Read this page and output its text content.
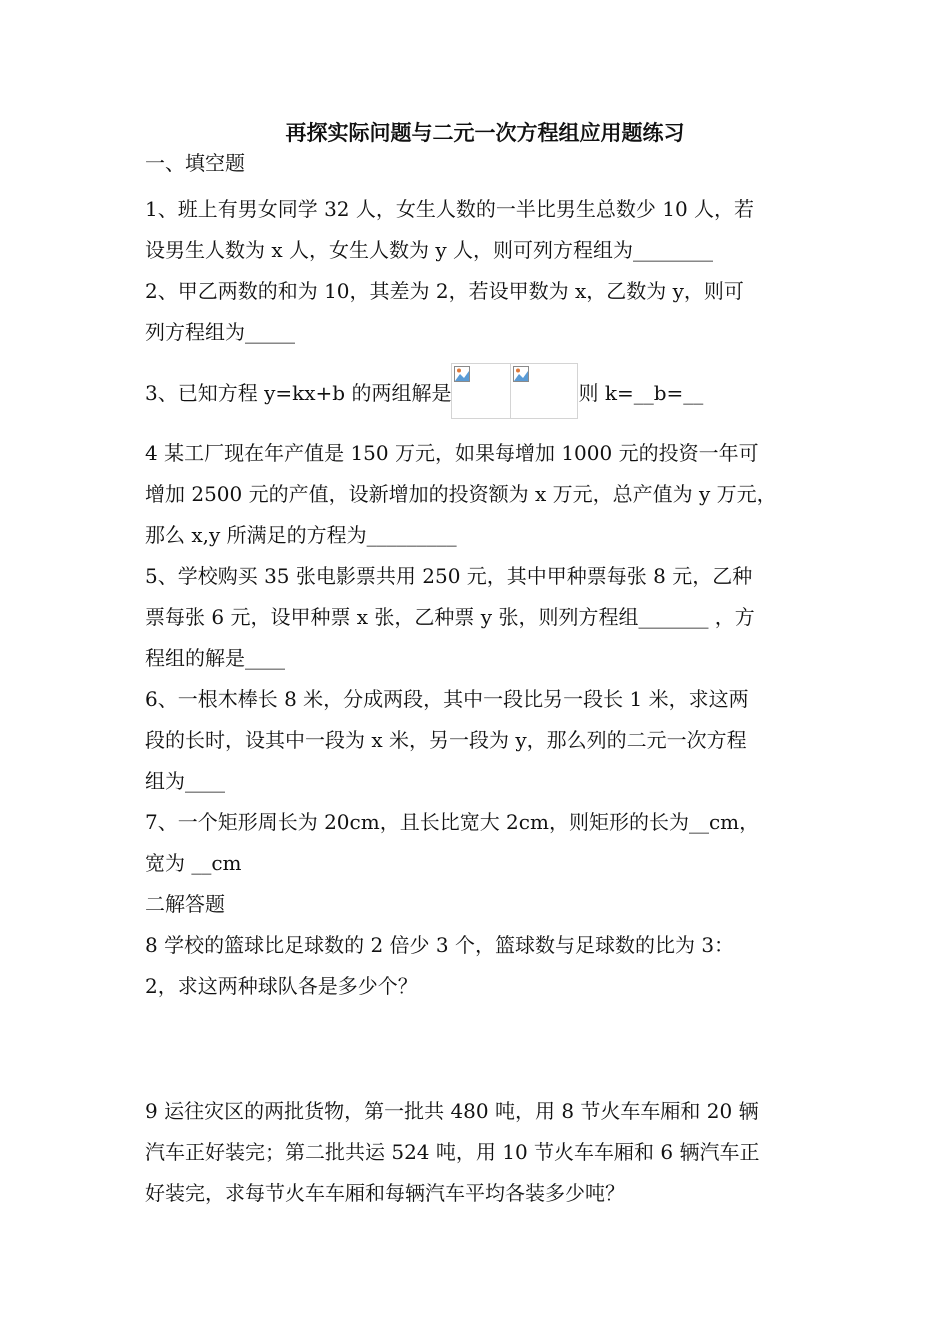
再探实际问题与二元一次方程组应用题练习
一、填空题

1、班上有男女同学 32 人，女生人数的一半比男生总数少 10 人，若

设男生人数为 x 人，女生人数为 y 人，则可列方程组为________

2、甲乙两数的和为 10，其差为 2，若设甲数为 x，乙数为 y，则可

列方程组为_____

3、已知方程 y=kx+b 的两组解是	则 k=__b=__

4 某工厂现在年产值是 150 万元，如果每增加 1000 元的投资一年可

增加 2500 元的产值，设新增加的投资额为 x 万元，总产值为 y 万元，

那么 x,y 所满足的方程为_________

5、学校购买 35 张电影票共用 250 元，其中甲种票每张 8 元，乙种

票每张 6 元，设甲种票 x 张，乙种票 y 张，则列方程组_______ ，方

程组的解是____

6、一根木棒长 8 米，分成两段，其中一段比另一段长 1 米，求这两

段的长时，设其中一段为 x 米，另一段为 y，那么列的二元一次方程

组为____

7、一个矩形周长为 20cm，且长比宽大 2cm，则矩形的长为__cm，

宽为 __cm

二解答题

8 学校的篮球比足球数的 2 倍少 3 个，篮球数与足球数的比为 3：

2，求这两种球队各是多少个？

9 运往灾区的两批货物，第一批共 480 吨，用 8 节火车车厢和 20 辆

汽车正好装完；第二批共运 524 吨，用 10 节火车车厢和 6 辆汽车正

好装完，求每节火车车厢和每辆汽车平均各装多少吨？
